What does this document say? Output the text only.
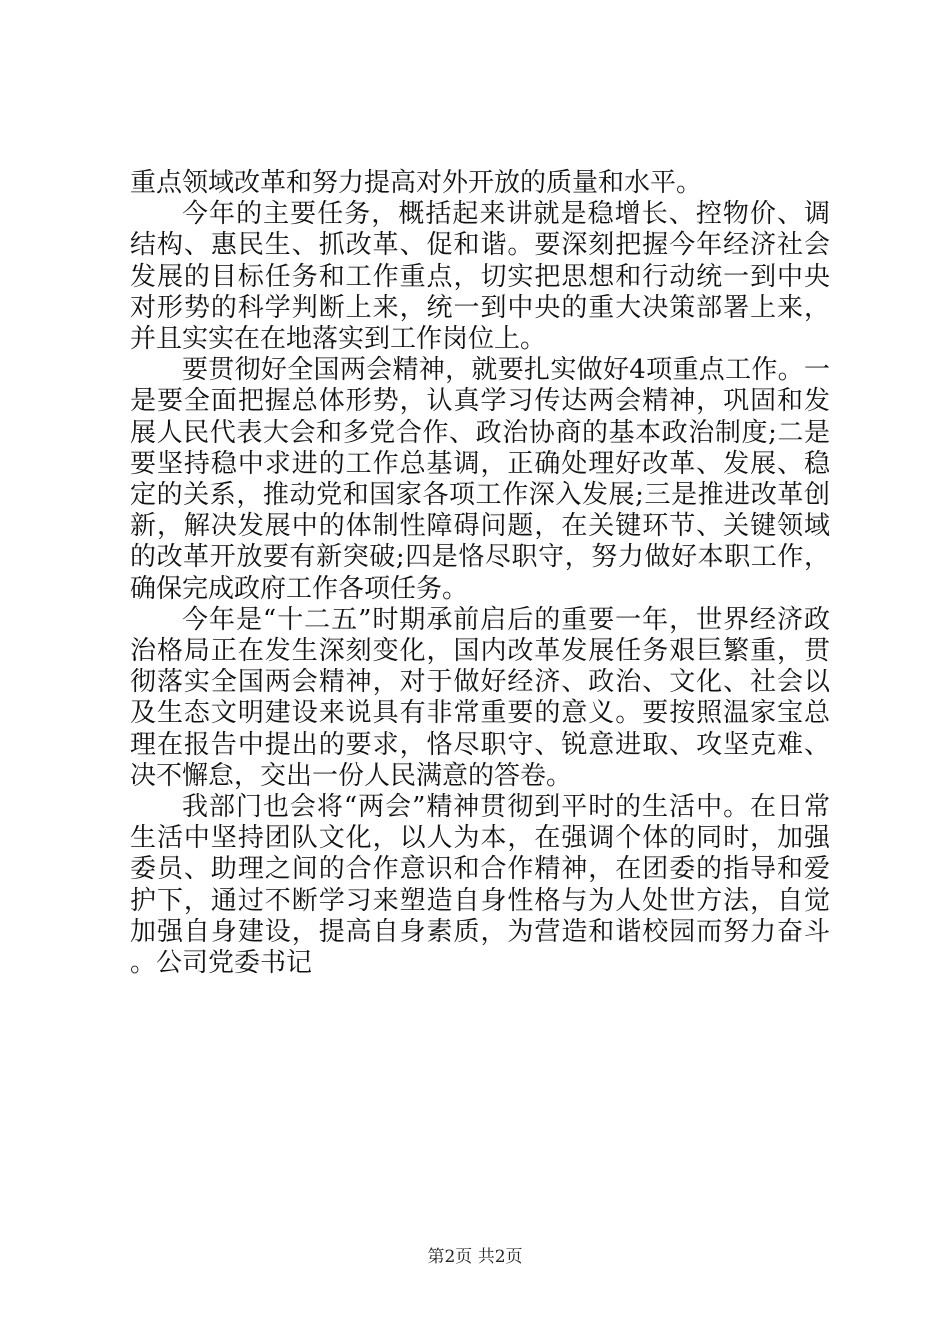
重点领域改革和努力提高对外开放的质量和水平。

今年的主要任务，概括起来讲就是稳增长、控物价、调结构、惠民生、抓改革、促和谐。要深刻把握今年经济社会发展的目标任务和工作重点，切实把思想和行动统一到中央对形势的科学判断上来，统一到中央的重大决策部署上来，并且实实在在地落实到工作岗位上。

要贯彻好全国两会精神，就要扎实做好4项重点工作。一是要全面把握总体形势，认真学习传达两会精神，巩固和发展人民代表大会和多党合作、政治协商的基本政治制度;二是要坚持稳中求进的工作总基调，正确处理好改革、发展、稳定的关系，推动党和国家各项工作深入发展;三是推进改革创新，解决发展中的体制性障碍问题，在关键环节、关键领域的改革开放要有新突破;四是恪尽职守，努力做好本职工作，确保完成政府工作各项任务。

今年是“十二五”时期承前启后的重要一年，世界经济政治格局正在发生深刻变化，国内改革发展任务艰巨繁重，贯彻落实全国两会精神，对于做好经济、政治、文化、社会以及生态文明建设来说具有非常重要的意义。要按照温家宝总理在报告中提出的要求，恪尽职守、锐意进取、攻坚克难、决不懈怠，交出一份人民满意的答卷。

我部门也会将“两会”精神贯彻到平时的生活中。在日常生活中坚持团队文化，以人为本，在强调个体的同时，加强委员、助理之间的合作意识和合作精神，在团委的指导和爱护下，通过不断学习来塑造自身性格与为人处世方法，自觉加强自身建设，提高自身素质，为营造和谐校园而努力奋斗。公司党委书记

第2页 共2页
